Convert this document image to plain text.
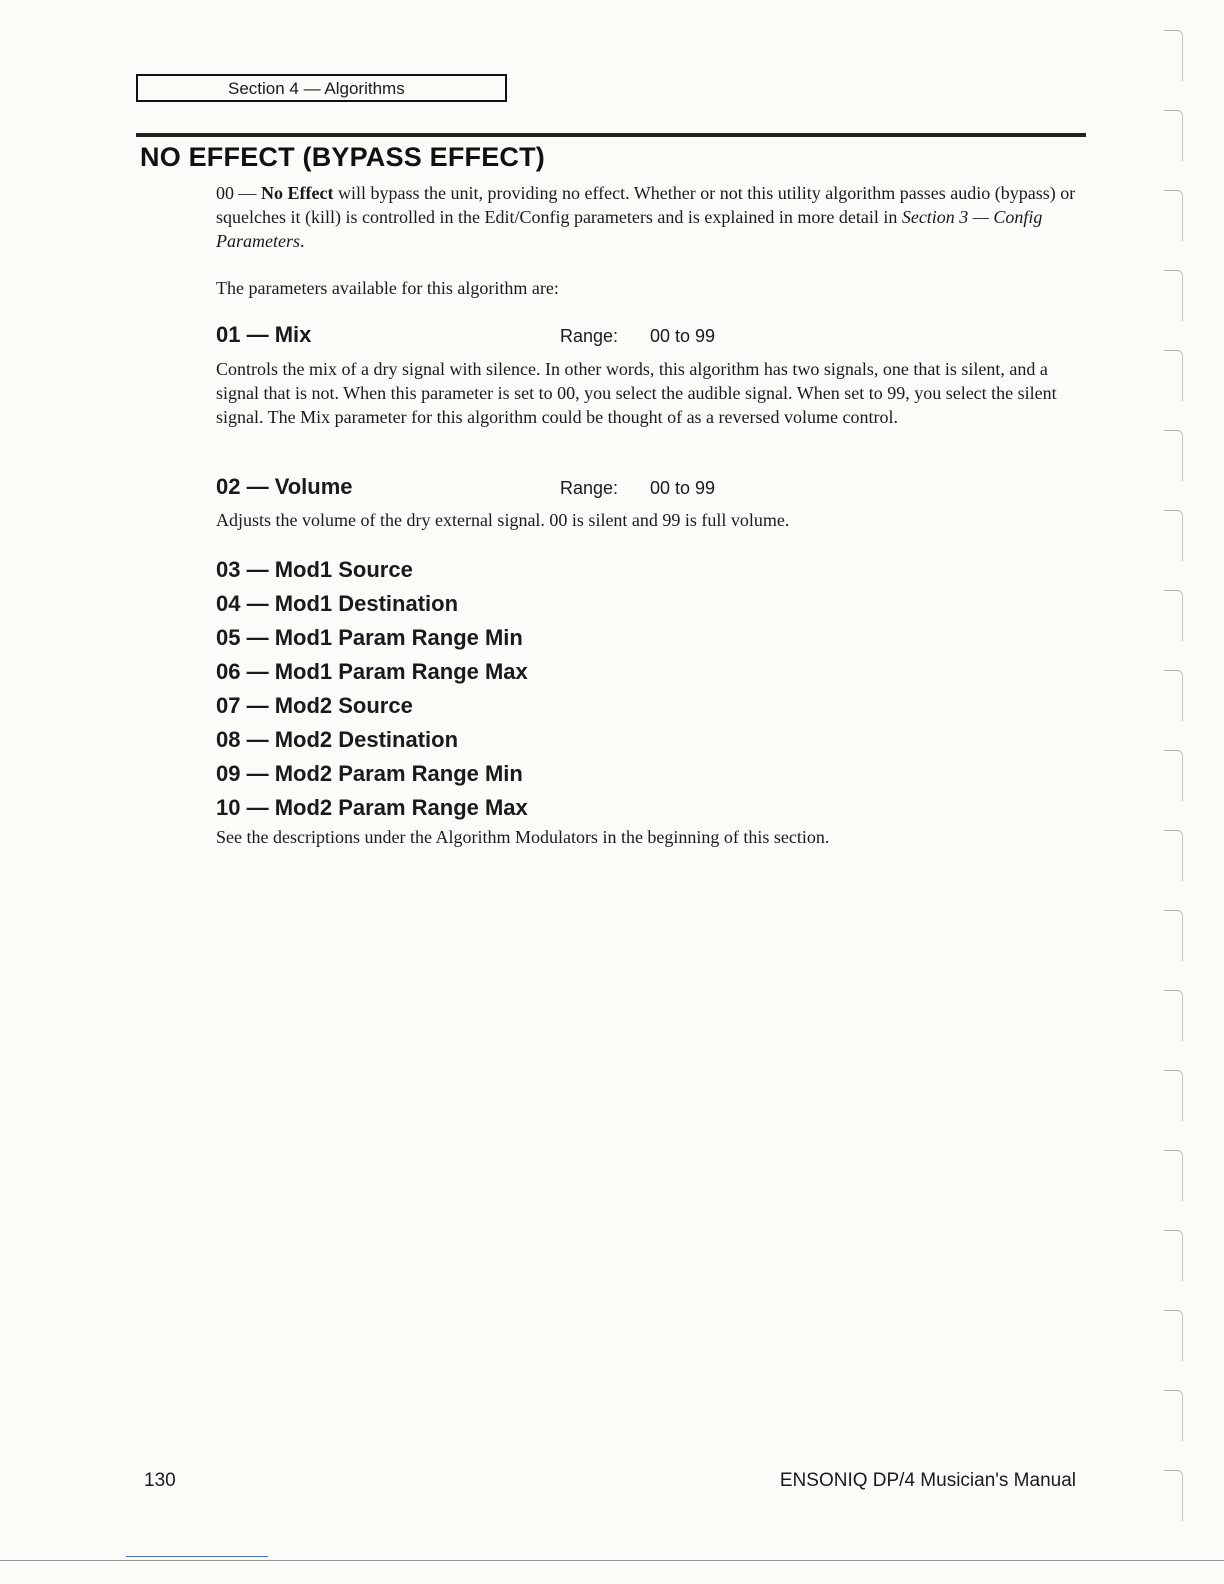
Section 4 — Algorithms
NO EFFECT (BYPASS EFFECT)

00 — No Effect will bypass the unit, providing no effect. Whether or not this utility algorithm passes audio (bypass) or squelches it (kill) is controlled in the Edit/Config parameters and is explained in more detail in Section 3 — Config Parameters.

The parameters available for this algorithm are:

01 — Mix	Range: 00 to 99

Controls the mix of a dry signal with silence. In other words, this algorithm has two signals, one that is silent, and a signal that is not. When this parameter is set to 00, you select the audible signal. When set to 99, you select the silent signal. The Mix parameter for this algorithm could be thought of as a reversed volume control.

02 — Volume	Range: 00 to 99

Adjusts the volume of the dry external signal. 00 is silent and 99 is full volume.

03 — Mod1 Source
04 — Mod1 Destination
05 — Mod1 Param Range Min
06 — Mod1 Param Range Max
07 — Mod2 Source
08 — Mod2 Destination
09 — Mod2 Param Range Min
10 — Mod2 Param Range Max

See the descriptions under the Algorithm Modulators in the beginning of this section.

130	ENSONIQ DP/4 Musician's Manual
